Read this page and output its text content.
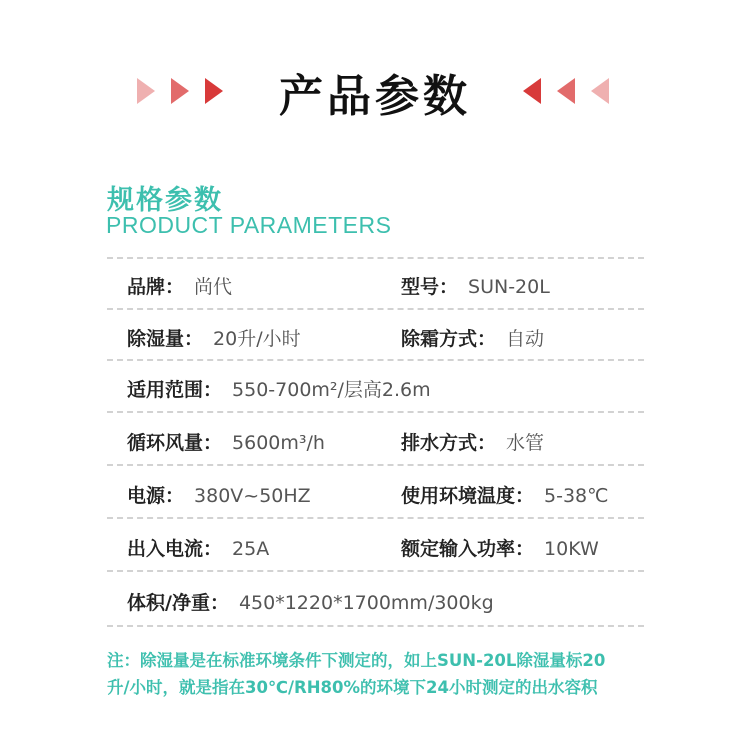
产品参数
规格参数
PRODUCT PARAMETERS
品牌： 尚代	型号： SUN-20L
除湿量： 20升/小时	除霜方式： 自动
适用范围： 550-700m²/层高2.6m
循环风量： 5600m³/h	排水方式： 水管
电源： 380V~50HZ	使用环境温度： 5-38℃
出入电流： 25A	额定输入功率： 10KW
体积/净重： 450*1220*1700mm/300kg
注：除湿量是在标准环境条件下测定的，如上SUN-20L除湿量标20
升/小时，就是指在30℃/RH80%的环境下24小时测定的出水容积
